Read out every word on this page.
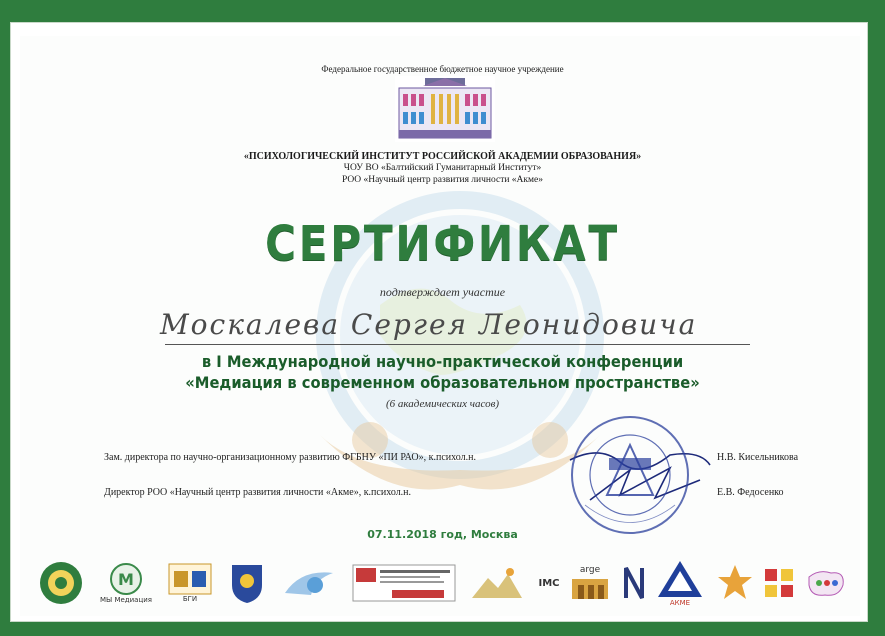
Федеральное государственное бюджетное научное учреждение
«ПСИХОЛОГИЧЕСКИЙ ИНСТИТУТ РОССИЙСКОЙ АКАДЕМИИ ОБРАЗОВАНИЯ»
ЧОУ ВО «Балтийский Гуманитарный Институт»
РОО «Научный центр развития личности «Акме»
СЕРТИФИКАТ
подтверждает участие
Москалева Сергея Леонидовича
в I Международной научно-практической конференции
«Медиация в современном образовательном пространстве»
(6 академических часов)
Зам. директора по научно-организационному развитию ФГБНУ «ПИ РАО», к.психол.н.	Н.В. Кисельникова
Директор РОО «Научный центр развития личности «Акме», к.психол.н.	Е.В. Федосенко
07.11.2018 год, Москва
M
МЫ Медиация	БГИ
IMC
arge
АКМЕ
